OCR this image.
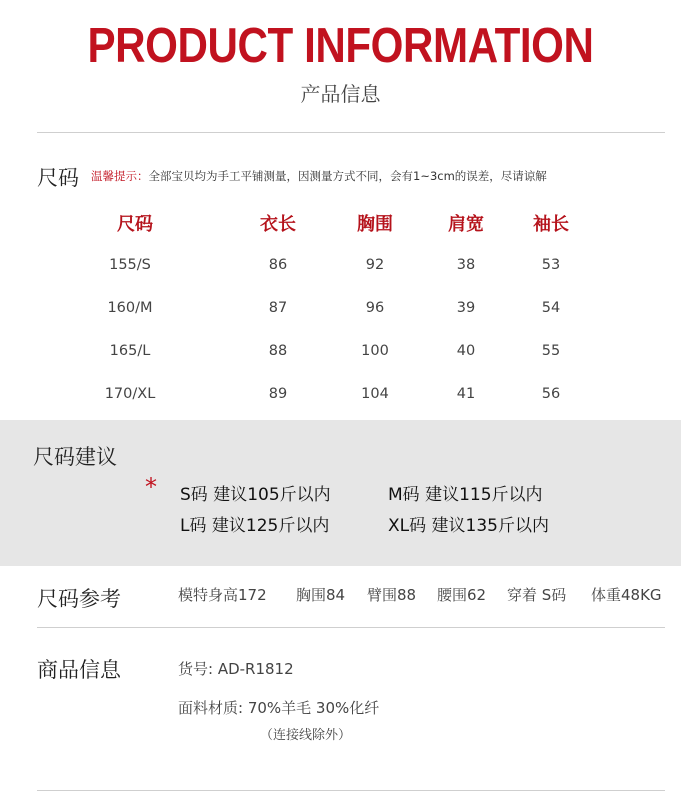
PRODUCT INFORMATION
产品信息
尺码 温馨提示：全部宝贝均为手工平铺测量，因测量方式不同，会有1~3cm的误差，尽请谅解
尺码	衣长	胸围	肩宽	袖长
155/S	86	92	38	53
160/M	87	96	39	54
165/L	88	100	40	55
170/XL	89	104	41	56
尺码建议
* S码 建议105斤以内	M码 建议115斤以内
L码 建议125斤以内	XL码 建议135斤以内
尺码参考	模特身高172 胸围84 臂围88 腰围62 穿着 S码 体重48KG
商品信息	货号: AD-R1812
面料材质: 70%羊毛 30%化纤
（连接线除外）
